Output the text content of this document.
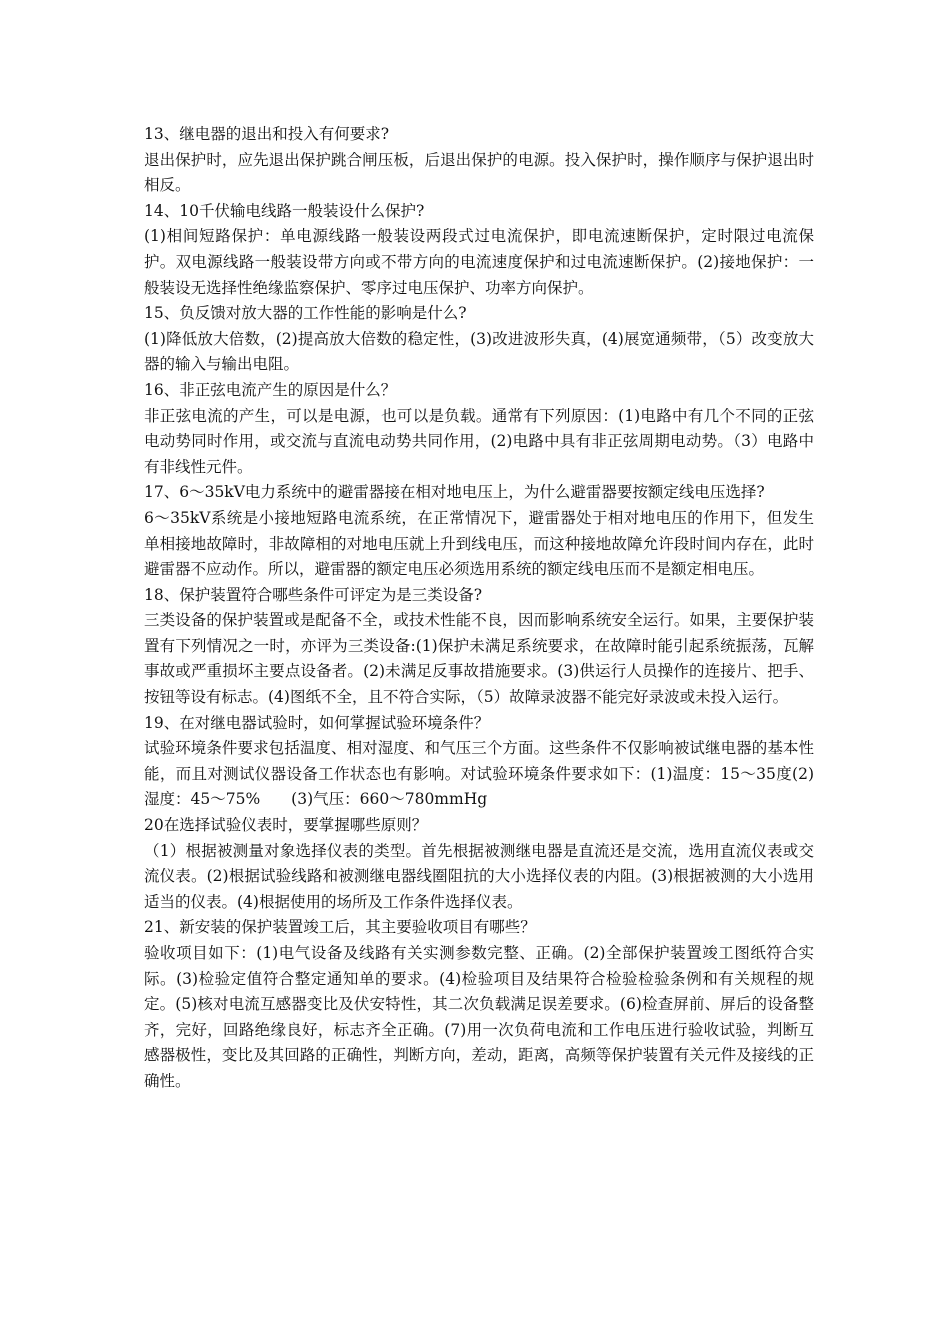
13、继电器的退出和投入有何要求?

退出保护时，应先退出保护跳合闸压板，后退出保护的电源。投入保护时，操作顺序与保护退出时相反。

14、10千伏输电线路一般装设什么保护?

(1)相间短路保护：单电源线路一般装设两段式过电流保护，即电流速断保护，定时限过电流保护。双电源线路一般装设带方向或不带方向的电流速度保护和过电流速断保护。(2)接地保护：一般装设无选择性绝缘监察保护、零序过电压保护、功率方向保护。

15、负反馈对放大器的工作性能的影响是什么?

(1)降低放大倍数，(2)提高放大倍数的稳定性，(3)改进波形失真，(4)展宽通频带，（5）改变放大器的输入与输出电阻。

16、非正弦电流产生的原因是什么？

非正弦电流的产生，可以是电源，也可以是负载。通常有下列原因：(1)电路中有几个不同的正弦电动势同时作用，或交流与直流电动势共同作用，(2)电路中具有非正弦周期电动势。（3）电路中有非线性元件。

17、6～35kV电力系统中的避雷器接在相对地电压上，为什么避雷器要按额定线电压选择?

6～35kV系统是小接地短路电流系统，在正常情况下，避雷器处于相对地电压的作用下，但发生单相接地故障时，非故障相的对地电压就上升到线电压，而这种接地故障允许段时间内存在，此时避雷器不应动作。所以，避雷器的额定电压必须选用系统的额定线电压而不是额定相电压。

18、保护装置符合哪些条件可评定为是三类设备?

三类设备的保护装置或是配备不全，或技术性能不良，因而影响系统安全运行。如果，主要保护装置有下列情况之一时，亦评为三类设备:(1)保护未满足系统要求，在故障时能引起系统振荡，瓦解事故或严重损坏主要点设备者。(2)未满足反事故措施要求。(3)供运行人员操作的连接片、把手、按钮等设有标志。(4)图纸不全，且不符合实际，（5）故障录波器不能完好录波或未投入运行。

19、在对继电器试验时，如何掌握试验环境条件？

试验环境条件要求包括温度、相对湿度、和气压三个方面。这些条件不仅影响被试继电器的基本性能，而且对测试仪器设备工作状态也有影响。对试验环境条件要求如下：(1)温度：15～35度(2)湿度：45～75%　　(3)气压：660～780mmHg

20在选择试验仪表时，要掌握哪些原则？

（1）根据被测量对象选择仪表的类型。首先根据被测继电器是直流还是交流，选用直流仪表或交流仪表。(2)根据试验线路和被测继电器线圈阻抗的大小选择仪表的内阻。(3)根据被测的大小选用适当的仪表。(4)根据使用的场所及工作条件选择仪表。

21、新安装的保护装置竣工后，其主要验收项目有哪些？

验收项目如下：(1)电气设备及线路有关实测参数完整、正确。(2)全部保护装置竣工图纸符合实际。(3)检验定值符合整定通知单的要求。(4)检验项目及结果符合检验检验条例和有关规程的规定。(5)核对电流互感器变比及伏安特性，其二次负载满足误差要求。(6)检查屏前、屏后的设备整齐，完好，回路绝缘良好，标志齐全正确。(7)用一次负荷电流和工作电压进行验收试验，判断互感器极性，变比及其回路的正确性，判断方向，差动，距离，高频等保护装置有关元件及接线的正确性。
